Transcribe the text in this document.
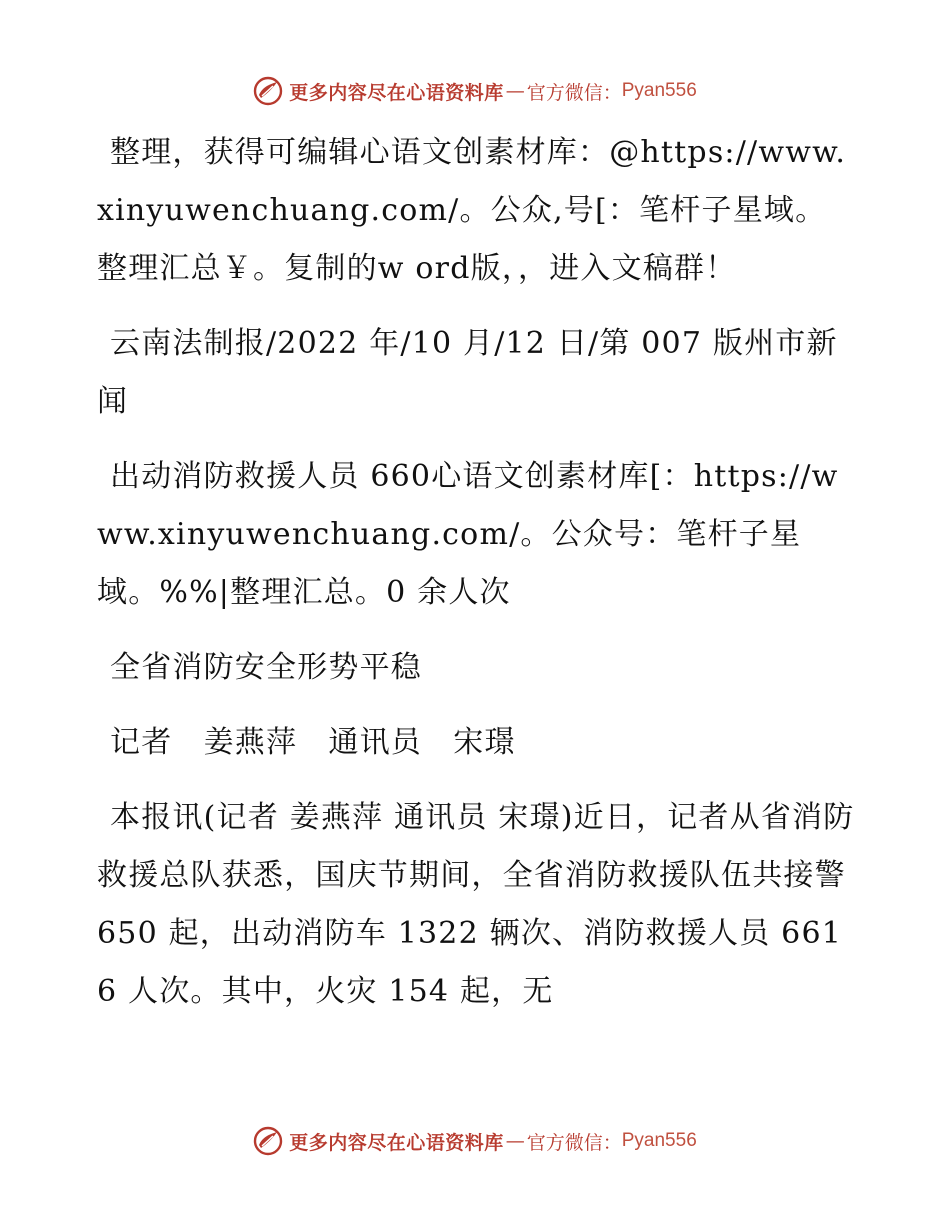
更多内容尽在心语资料库 — 官方微信： Pyan556

整理，获得可编辑心语文创素材库：@https://www.xinyuwenchuang.com/。公众,号[：笔杆子星域。整理汇总￥。复制的w ord版，，进入文稿群！

云南法制报/2022 年/10 月/12 日/第 007 版州市新闻

出动消防救援人员 660心语文创素材库[：https://www.xinyuwenchuang.com/。公众号：笔杆子星域。%%|整理汇总。0 余人次

全省消防安全形势平稳

记者　姜燕萍　通讯员　宋璟

本报讯(记者 姜燕萍 通讯员 宋璟)近日，记者从省消防救援总队获悉，国庆节期间，全省消防救援队伍共接警 650 起，出动消防车 1322 辆次、消防救援人员 6616 人次。其中，火灾 154 起，无

更多内容尽在心语资料库 — 官方微信： Pyan556
